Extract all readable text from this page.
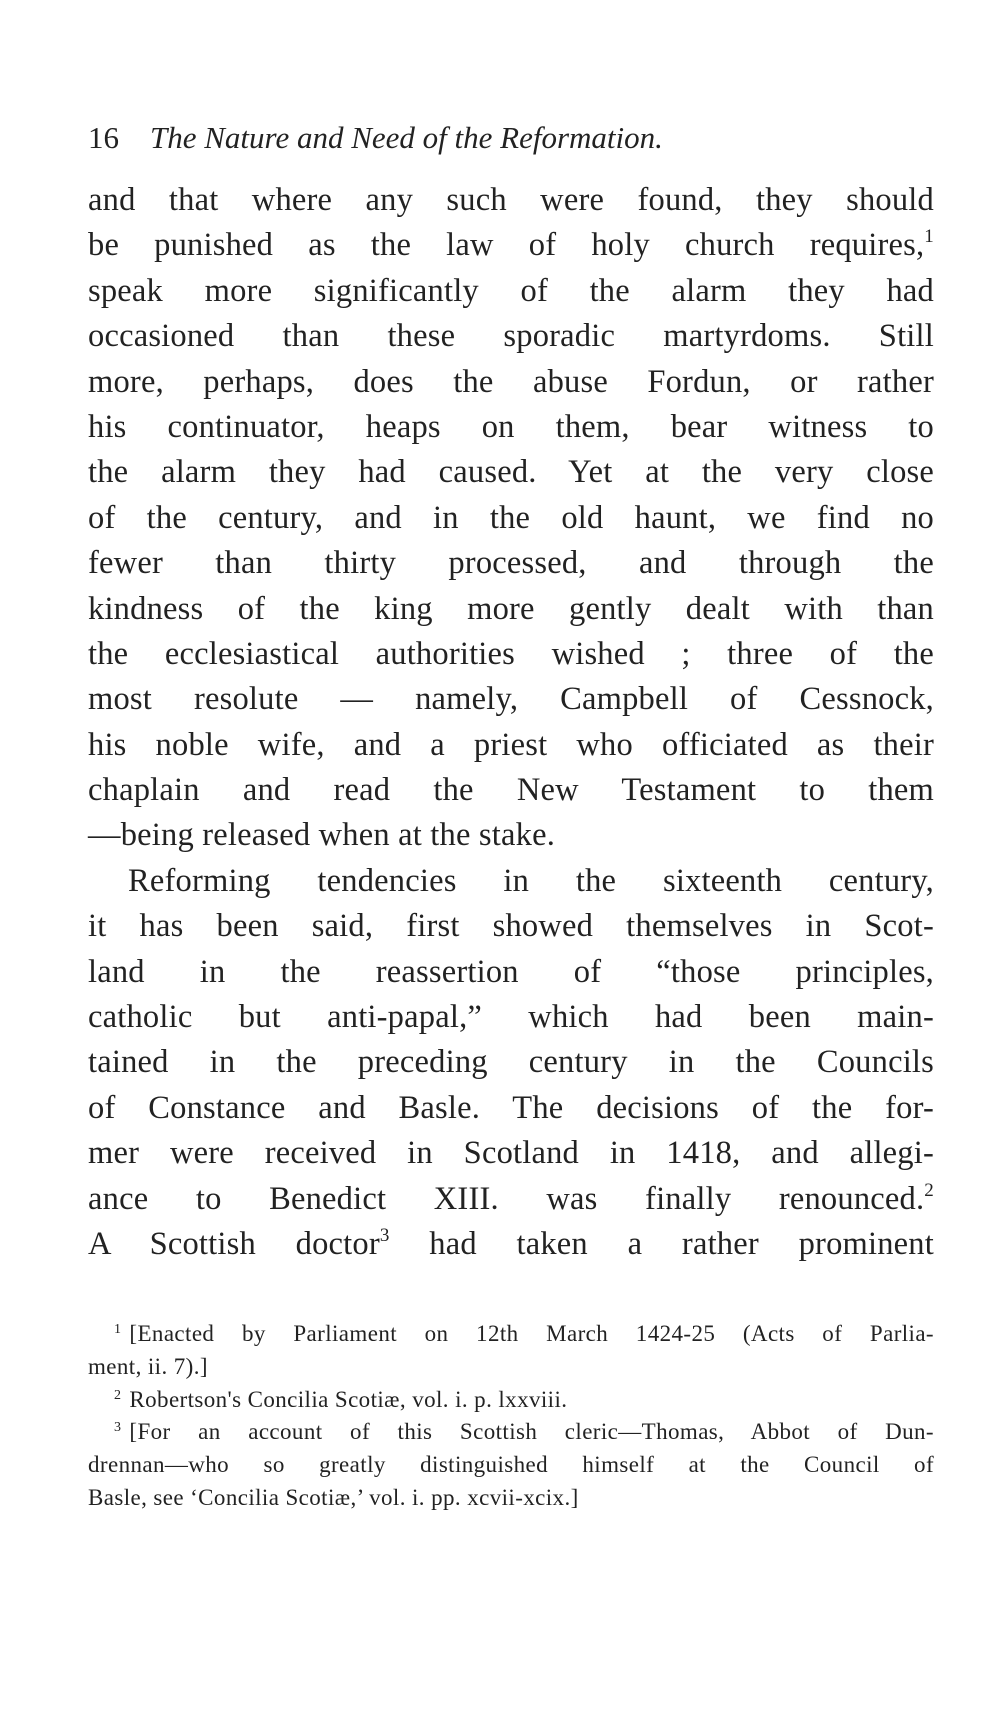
16 The Nature and Need of the Reformation.
and that where any such were found, they should
be punished as the law of holy church requires,$^1$
speak more significantly of the alarm they had
occasioned than these sporadic martyrdoms. Still
more, perhaps, does the abuse Fordun, or rather
his continuator, heaps on them, bear witness to
the alarm they had caused. Yet at the very close
of the century, and in the old haunt, we find no
fewer than thirty processed, and through the
kindness of the king more gently dealt with than
the ecclesiastical authorities wished ; three of the
most resolute — namely, Campbell of Cessnock,
his noble wife, and a priest who officiated as their
chaplain and read the New Testament to them
—being released when at the stake.
Reforming tendencies in the sixteenth century,
it has been said, first showed themselves in Scot-
land in the reassertion of “those principles,
catholic but anti-papal,” which had been main-
tained in the preceding century in the Councils
of Constance and Basle. The decisions of the for-
mer were received in Scotland in 1418, and allegi-
ance to Benedict XIII. was finally renounced.$^2$
A Scottish doctor$^3$ had taken a rather prominent
$^1$ [Enacted by Parliament on 12th March 1424-25 (Acts of Parlia-
ment, ii. 7).]
$^2$ Robertson's Concilia Scotiæ, vol. i. p. lxxviii.
$^3$ [For an account of this Scottish cleric—Thomas, Abbot of Dun-
drennan—who so greatly distinguished himself at the Council of
Basle, see ‘Concilia Scotiæ,’ vol. i. pp. xcvii-xcix.]
